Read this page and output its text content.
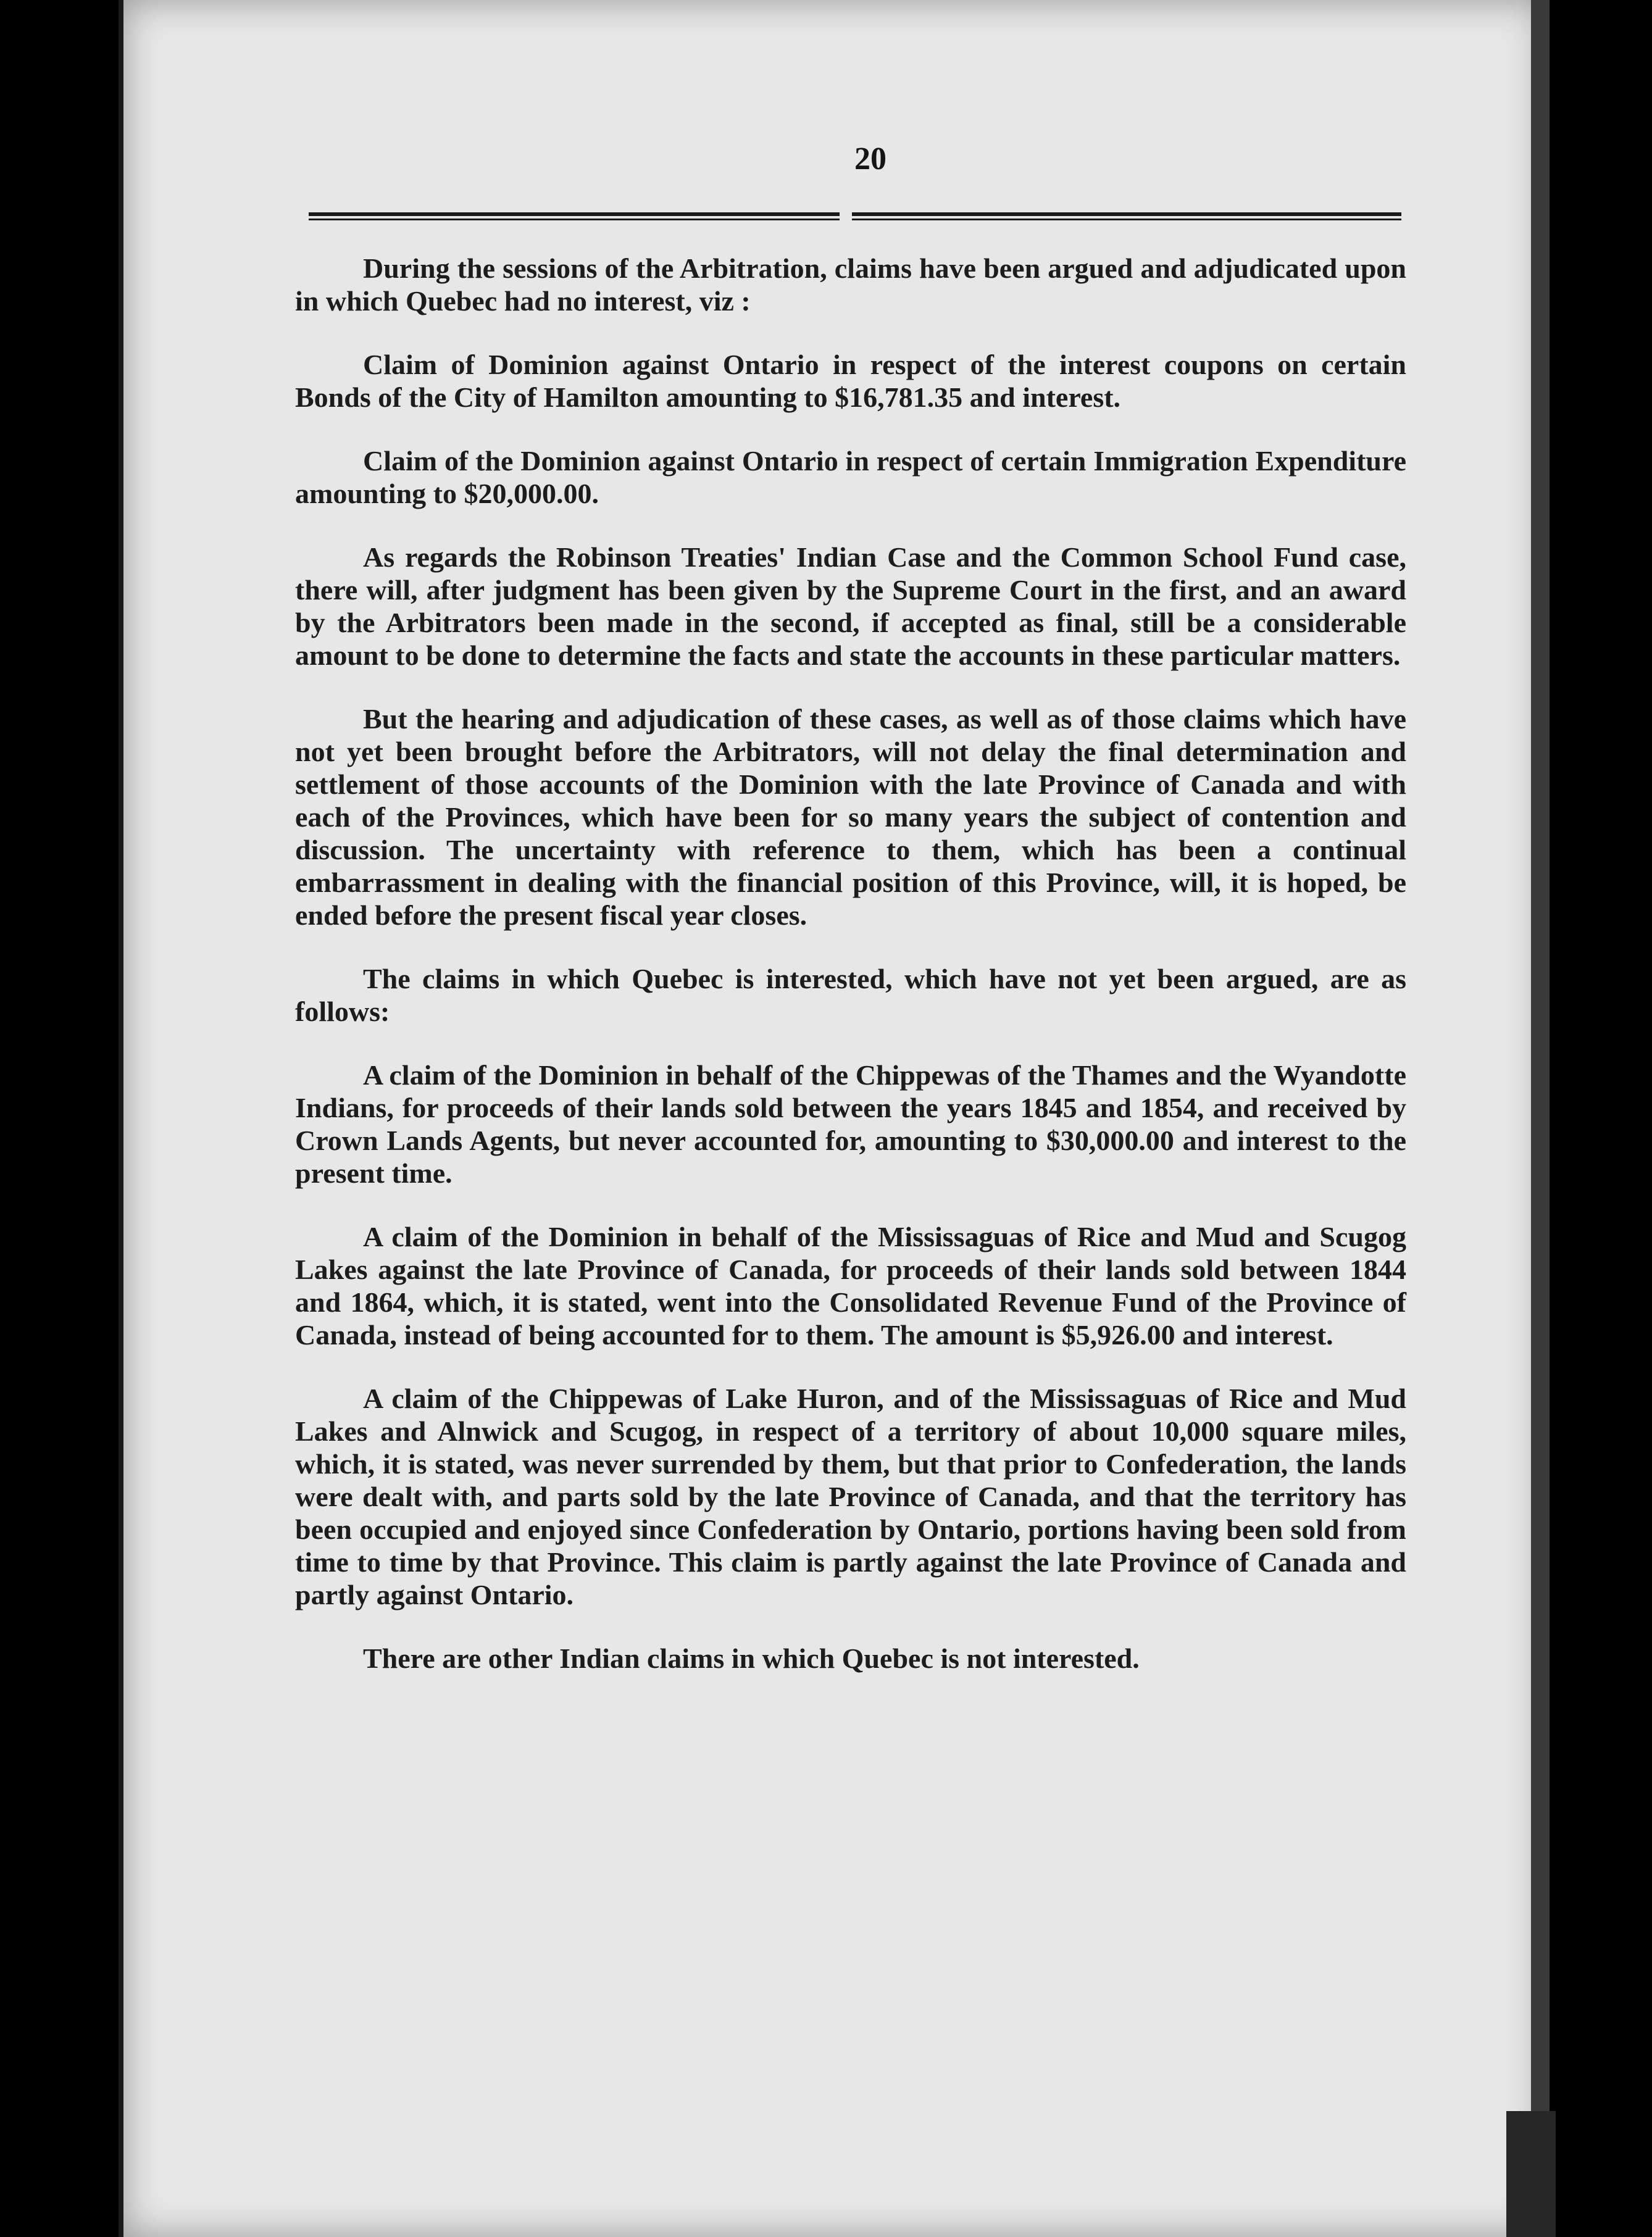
20

During the sessions of the Arbitration, claims have been argued and adjudicated upon in which Quebec had no interest, viz :

Claim of Dominion against Ontario in respect of the interest coupons on certain Bonds of the City of Hamilton amounting to $16,781.35 and interest.

Claim of the Dominion against Ontario in respect of certain Immigration Expenditure amounting to $20,000.00.

As regards the Robinson Treaties' Indian Case and the Common School Fund case, there will, after judgment has been given by the Supreme Court in the first, and an award by the Arbitrators been made in the second, if accepted as final, still be a considerable amount to be done to determine the facts and state the accounts in these particular matters.

But the hearing and adjudication of these cases, as well as of those claims which have not yet been brought before the Arbitrators, will not delay the final determination and settlement of those accounts of the Dominion with the late Province of Canada and with each of the Provinces, which have been for so many years the subject of contention and discussion. The uncertainty with reference to them, which has been a continual embarrassment in dealing with the financial position of this Province, will, it is hoped, be ended before the present fiscal year closes.

The claims in which Quebec is interested, which have not yet been argued, are as follows:

A claim of the Dominion in behalf of the Chippewas of the Thames and the Wyandotte Indians, for proceeds of their lands sold between the years 1845 and 1854, and received by Crown Lands Agents, but never accounted for, amounting to $30,000.00 and interest to the present time.

A claim of the Dominion in behalf of the Mississaguas of Rice and Mud and Scugog Lakes against the late Province of Canada, for proceeds of their lands sold between 1844 and 1864, which, it is stated, went into the Consolidated Revenue Fund of the Province of Canada, instead of being accounted for to them. The amount is $5,926.00 and interest.

A claim of the Chippewas of Lake Huron, and of the Mississaguas of Rice and Mud Lakes and Alnwick and Scugog, in respect of a territory of about 10,000 square miles, which, it is stated, was never surrended by them, but that prior to Confederation, the lands were dealt with, and parts sold by the late Province of Canada, and that the territory has been occupied and enjoyed since Confederation by Ontario, portions having been sold from time to time by that Province. This claim is partly against the late Province of Canada and partly against Ontario.

There are other Indian claims in which Quebec is not interested.
